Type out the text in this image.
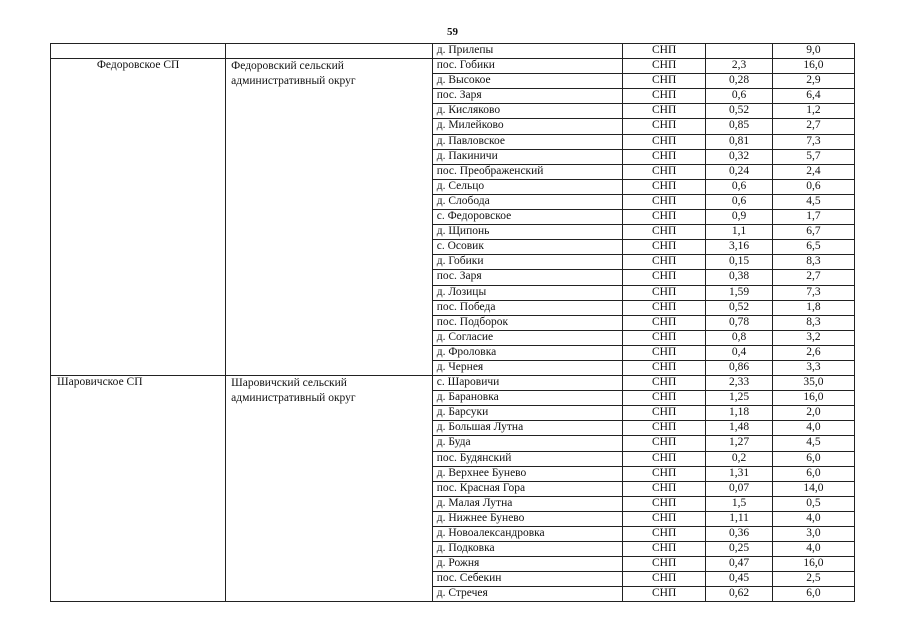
59
		д. Прилепы	СНП		9,0
Федоровское СП	Федоровский сельский административный округ	пос. Гобики	СНП	2,3	16,0
		д. Высокое	СНП	0,28	2,9
		пос. Заря	СНП	0,6	6,4
		д. Кисляково	СНП	0,52	1,2
		д. Милейково	СНП	0,85	2,7
		д. Павловское	СНП	0,81	7,3
		д. Пакиничи	СНП	0,32	5,7
		пос. Преображенский	СНП	0,24	2,4
		д. Сельцо	СНП	0,6	0,6
		д. Слобода	СНП	0,6	4,5
		с. Федоровское	СНП	0,9	1,7
		д. Щипонь	СНП	1,1	6,7
		с. Осовик	СНП	3,16	6,5
		д. Гобики	СНП	0,15	8,3
		пос. Заря	СНП	0,38	2,7
		д. Лозицы	СНП	1,59	7,3
		пос. Победа	СНП	0,52	1,8
		пос. Подборок	СНП	0,78	8,3
		д. Согласие	СНП	0,8	3,2
		д. Фроловка	СНП	0,4	2,6
		д. Чернея	СНП	0,86	3,3
Шаровичское СП	Шаровичский сельский административный округ	с. Шаровичи	СНП	2,33	35,0
		д. Барановка	СНП	1,25	16,0
		д. Барсуки	СНП	1,18	2,0
		д. Большая Лутна	СНП	1,48	4,0
		д. Буда	СНП	1,27	4,5
		пос. Будянский	СНП	0,2	6,0
		д. Верхнее Бунево	СНП	1,31	6,0
		пос. Красная Гора	СНП	0,07	14,0
		д. Малая Лутна	СНП	1,5	0,5
		д. Нижнее Бунево	СНП	1,11	4,0
		д. Новоалександровка	СНП	0,36	3,0
		д. Подковка	СНП	0,25	4,0
		д. Рожня	СНП	0,47	16,0
		пос. Себекин	СНП	0,45	2,5
		д. Стречея	СНП	0,62	6,0
